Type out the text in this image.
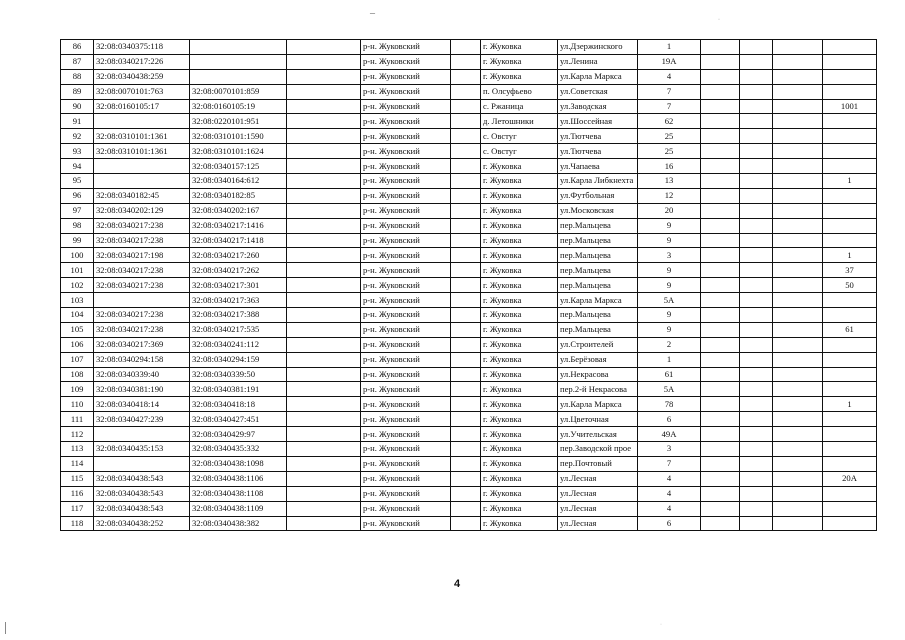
–
·
86	32:08:0340375:118			р-н. Жуковский		г. Жуковка	ул.Дзержинского	1				
87	32:08:0340217:226			р-н. Жуковский		г. Жуковка	ул.Ленина	19А				
88	32:08:0340438:259			р-н. Жуковский		г. Жуковка	ул.Карла Маркса	4				
89	32:08:0070101:763	32:08:0070101:859		р-н. Жуковский		п. Олсуфьево	ул.Советская	7				
90	32:08:0160105:17	32:08:0160105:19		р-н. Жуковский		с. Ржаница	ул.Заводская	7				1001
91		32:08:0220101:951		р-н. Жуковский		д. Летошники	ул.Шоссейная	62				
92	32:08:0310101:1361	32:08:0310101:1590		р-н. Жуковский		с. Овстуг	ул.Тютчева	25				
93	32:08:0310101:1361	32:08:0310101:1624		р-н. Жуковский		с. Овстуг	ул.Тютчева	25				
94		32:08:0340157:125		р-н. Жуковский		г. Жуковка	ул.Чапаева	16				
95		32:08:0340164:612		р-н. Жуковский		г. Жуковка	ул.Карла Либкнехта	13				1
96	32:08:0340182:45	32:08:0340182:85		р-н. Жуковский		г. Жуковка	ул.Футбольная	12				
97	32:08:0340202:129	32:08:0340202:167		р-н. Жуковский		г. Жуковка	ул.Московская	20				
98	32:08:0340217:238	32:08:0340217:1416		р-н. Жуковский		г. Жуковка	пер.Мальцева	9				
99	32:08:0340217:238	32:08:0340217:1418		р-н. Жуковский		г. Жуковка	пер.Мальцева	9				
100	32:08:0340217:198	32:08:0340217:260		р-н. Жуковский		г. Жуковка	пер.Мальцева	3				1
101	32:08:0340217:238	32:08:0340217:262		р-н. Жуковский		г. Жуковка	пер.Мальцева	9				37
102	32:08:0340217:238	32:08:0340217:301		р-н. Жуковский		г. Жуковка	пер.Мальцева	9				50
103		32:08:0340217:363		р-н. Жуковский		г. Жуковка	ул.Карла Маркса	5А				
104	32:08:0340217:238	32:08:0340217:388		р-н. Жуковский		г. Жуковка	пер.Мальцева	9				
105	32:08:0340217:238	32:08:0340217:535		р-н. Жуковский		г. Жуковка	пер.Мальцева	9				61
106	32:08:0340217:369	32:08:0340241:112		р-н. Жуковский		г. Жуковка	ул.Строителей	2				
107	32:08:0340294:158	32:08:0340294:159		р-н. Жуковский		г. Жуковка	ул.Берёзовая	1				
108	32:08:0340339:40	32:08:0340339:50		р-н. Жуковский		г. Жуковка	ул.Некрасова	61				
109	32:08:0340381:190	32:08:0340381:191		р-н. Жуковский		г. Жуковка	пер.2-й Некрасова	5А				
110	32:08:0340418:14	32:08:0340418:18		р-н. Жуковский		г. Жуковка	ул.Карла Маркса	78				1
111	32:08:0340427:239	32:08:0340427:451		р-н. Жуковский		г. Жуковка	ул.Цветочная	6				
112		32:08:0340429:97		р-н. Жуковский		г. Жуковка	ул.Учительская	49А				
113	32:08:0340435:153	32:08:0340435:332		р-н. Жуковский		г. Жуковка	пер.Заводской прое	3				
114		32:08:0340438:1098		р-н. Жуковский		г. Жуковка	пер.Почтовый	7				
115	32:08:0340438:543	32:08:0340438:1106		р-н. Жуковский		г. Жуковка	ул.Лесная	4				20А
116	32:08:0340438:543	32:08:0340438:1108		р-н. Жуковский		г. Жуковка	ул.Лесная	4				
117	32:08:0340438:543	32:08:0340438:1109		р-н. Жуковский		г. Жуковка	ул.Лесная	4				
118	32:08:0340438:252	32:08:0340438:382		р-н. Жуковский		г. Жуковка	ул.Лесная	6				
4
·
